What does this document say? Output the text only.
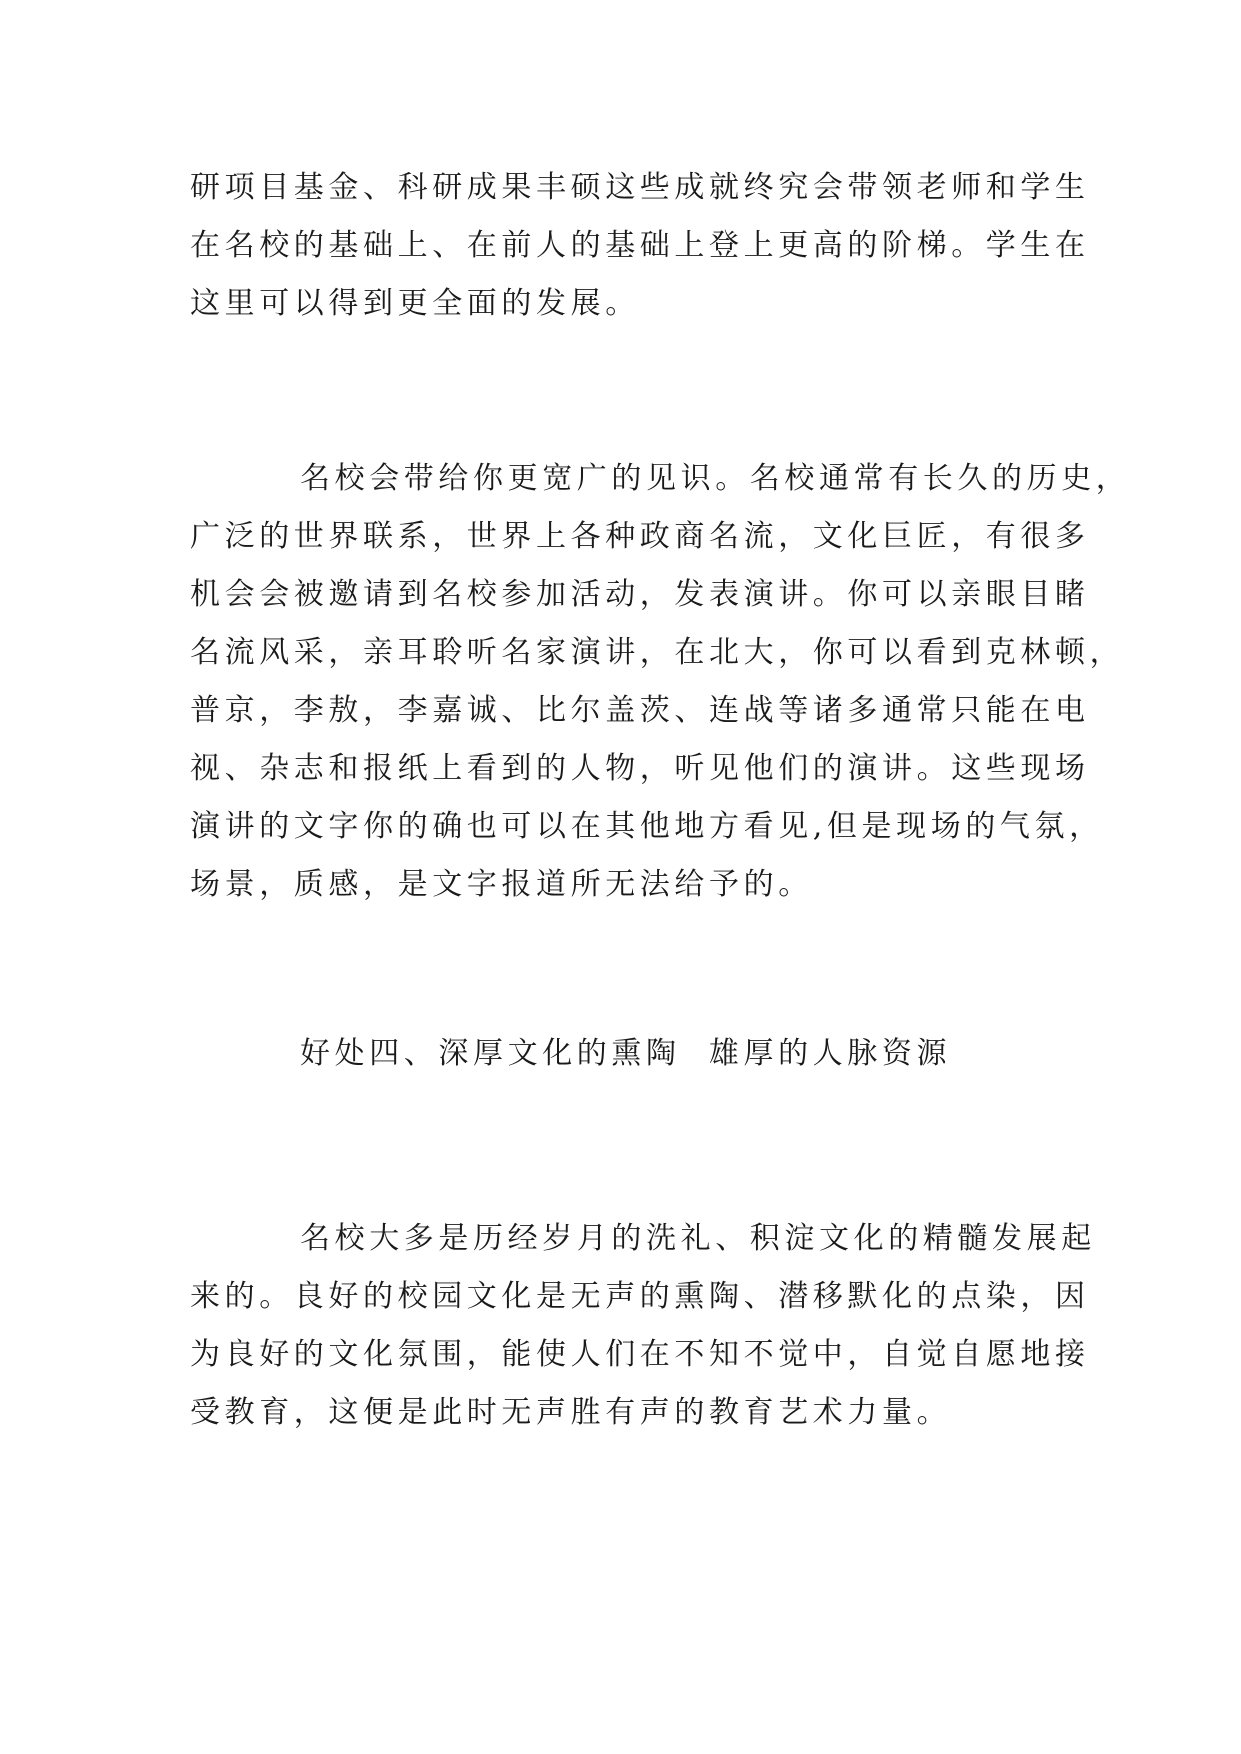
研项目基金、科研成果丰硕这些成就终究会带领老师和学生
在名校的基础上、在前人的基础上登上更高的阶梯。学生在
这里可以得到更全面的发展。

名校会带给你更宽广的见识。名校通常有长久的历史，
广泛的世界联系，世界上各种政商名流，文化巨匠，有很多
机会会被邀请到名校参加活动，发表演讲。你可以亲眼目睹
名流风采，亲耳聆听名家演讲，在北大，你可以看到克林顿，
普京，李敖，李嘉诚、比尔盖茨、连战等诸多通常只能在电
视、杂志和报纸上看到的人物，听见他们的演讲。这些现场
演讲的文字你的确也可以在其他地方看见,但是现场的气氛，
场景，质感，是文字报道所无法给予的。

好处四、深厚文化的熏陶  雄厚的人脉资源

名校大多是历经岁月的洗礼、积淀文化的精髓发展起
来的。良好的校园文化是无声的熏陶、潜移默化的点染，因
为良好的文化氛围，能使人们在不知不觉中，自觉自愿地接
受教育，这便是此时无声胜有声的教育艺术力量。
